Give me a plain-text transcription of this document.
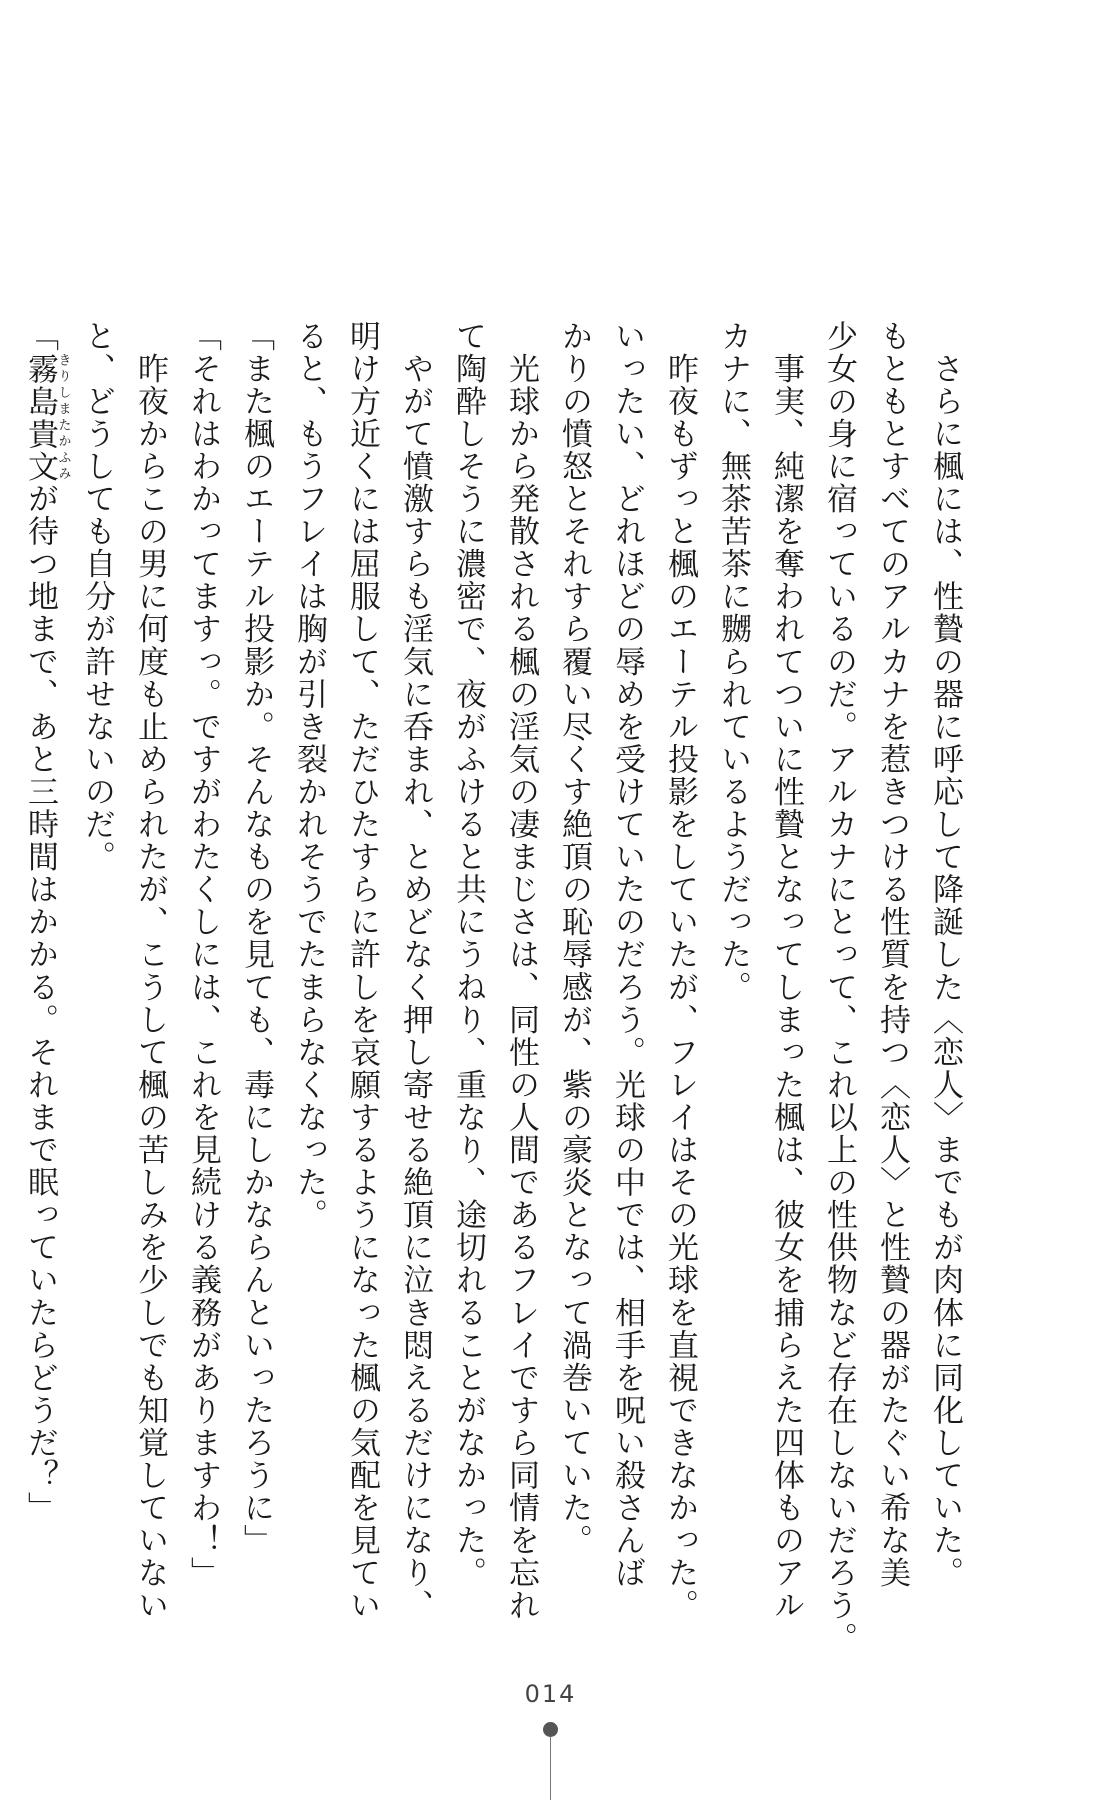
　さらに楓には、性贄の器に呼応して降誕した〈恋人〉までもが肉体に同化していた。
もともとすべてのアルカナを惹きつける性質を持つ〈恋人〉と性贄の器がたぐい希な美
少女の身に宿っているのだ。アルカナにとって、これ以上の性供物など存在しないだろう。
　事実、純潔を奪われてついに性贄となってしまった楓は、彼女を捕らえた四体ものアル
カナに、無茶苦茶に嬲られているようだった。
　昨夜もずっと楓のエーテル投影をしていたが、フレイはその光球を直視できなかった。
いったい、どれほどの辱めを受けていたのだろう。光球の中では、相手を呪い殺さんば
かりの憤怒とそれすら覆い尽くす絶頂の恥辱感が、紫の豪炎となって渦巻いていた。
　光球から発散される楓の淫気の凄まじさは、同性の人間であるフレイですら同情を忘れ
て陶酔しそうに濃密で、夜がふけると共にうねり、重なり、途切れることがなかった。
　やがて憤激すらも淫気に呑まれ、とめどなく押し寄せる絶頂に泣き悶えるだけになり、
明け方近くには屈服して、ただひたすらに許しを哀願するようになった楓の気配を見てい
ると、もうフレイは胸が引き裂かれそうでたまらなくなった。
「また楓のエーテル投影か。そんなものを見ても、毒にしかならんといったろうに」
「それはわかってますっ。ですがわたくしには、これを見続ける義務がありますわ！」
　昨夜からこの男に何度も止められたが、こうして楓の苦しみを少しでも知覚していない
と、どうしても自分が許せないのだ。
「霧島貴文きりしまたかふみが待つ地まで、あと三時間はかかる。それまで眠っていたらどうだ？」
014
